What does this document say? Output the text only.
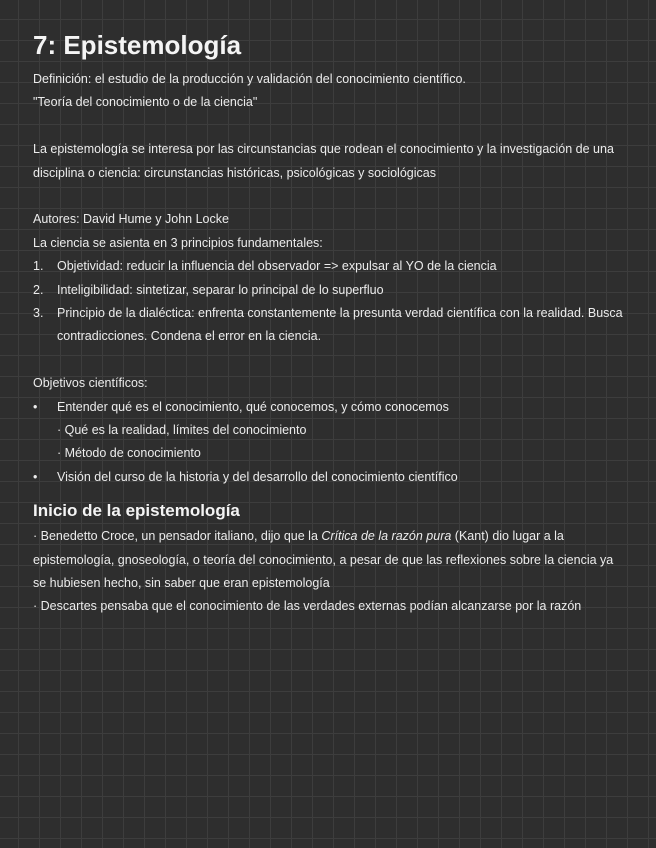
7: Epistemología
Definición: el estudio de la producción y validación del conocimiento científico.
"Teoría del conocimiento o de la ciencia"
La epistemología se interesa por las circunstancias que rodean el conocimiento y la investigación de una disciplina o ciencia: circunstancias históricas, psicológicas y sociológicas
Autores: David Hume y John Locke
La ciencia se asienta en 3 principios fundamentales:
1. Objetividad: reducir la influencia del observador => expulsar al YO de la ciencia
2. Inteligibilidad: sintetizar, separar lo principal de lo superfluo
3. Principio de la dialéctica: enfrenta constantemente la presunta verdad científica con la realidad. Busca contradicciones. Condena el error en la ciencia.
Objetivos científicos:
• Entender qué es el conocimiento, qué conocemos, y cómo conocemos
· Qué es la realidad, límites del conocimiento
· Método de conocimiento
• Visión del curso de la historia y del desarrollo del conocimiento científico
Inicio de la epistemología
· Benedetto Croce, un pensador italiano, dijo que la Crítica de la razón pura (Kant) dio lugar a la epistemología, gnoseología, o teoría del conocimiento, a pesar de que las reflexiones sobre la ciencia ya se hubiesen hecho, sin saber que eran epistemología
· Descartes pensaba que el conocimiento de las verdades externas podían alcanzarse por la razón
